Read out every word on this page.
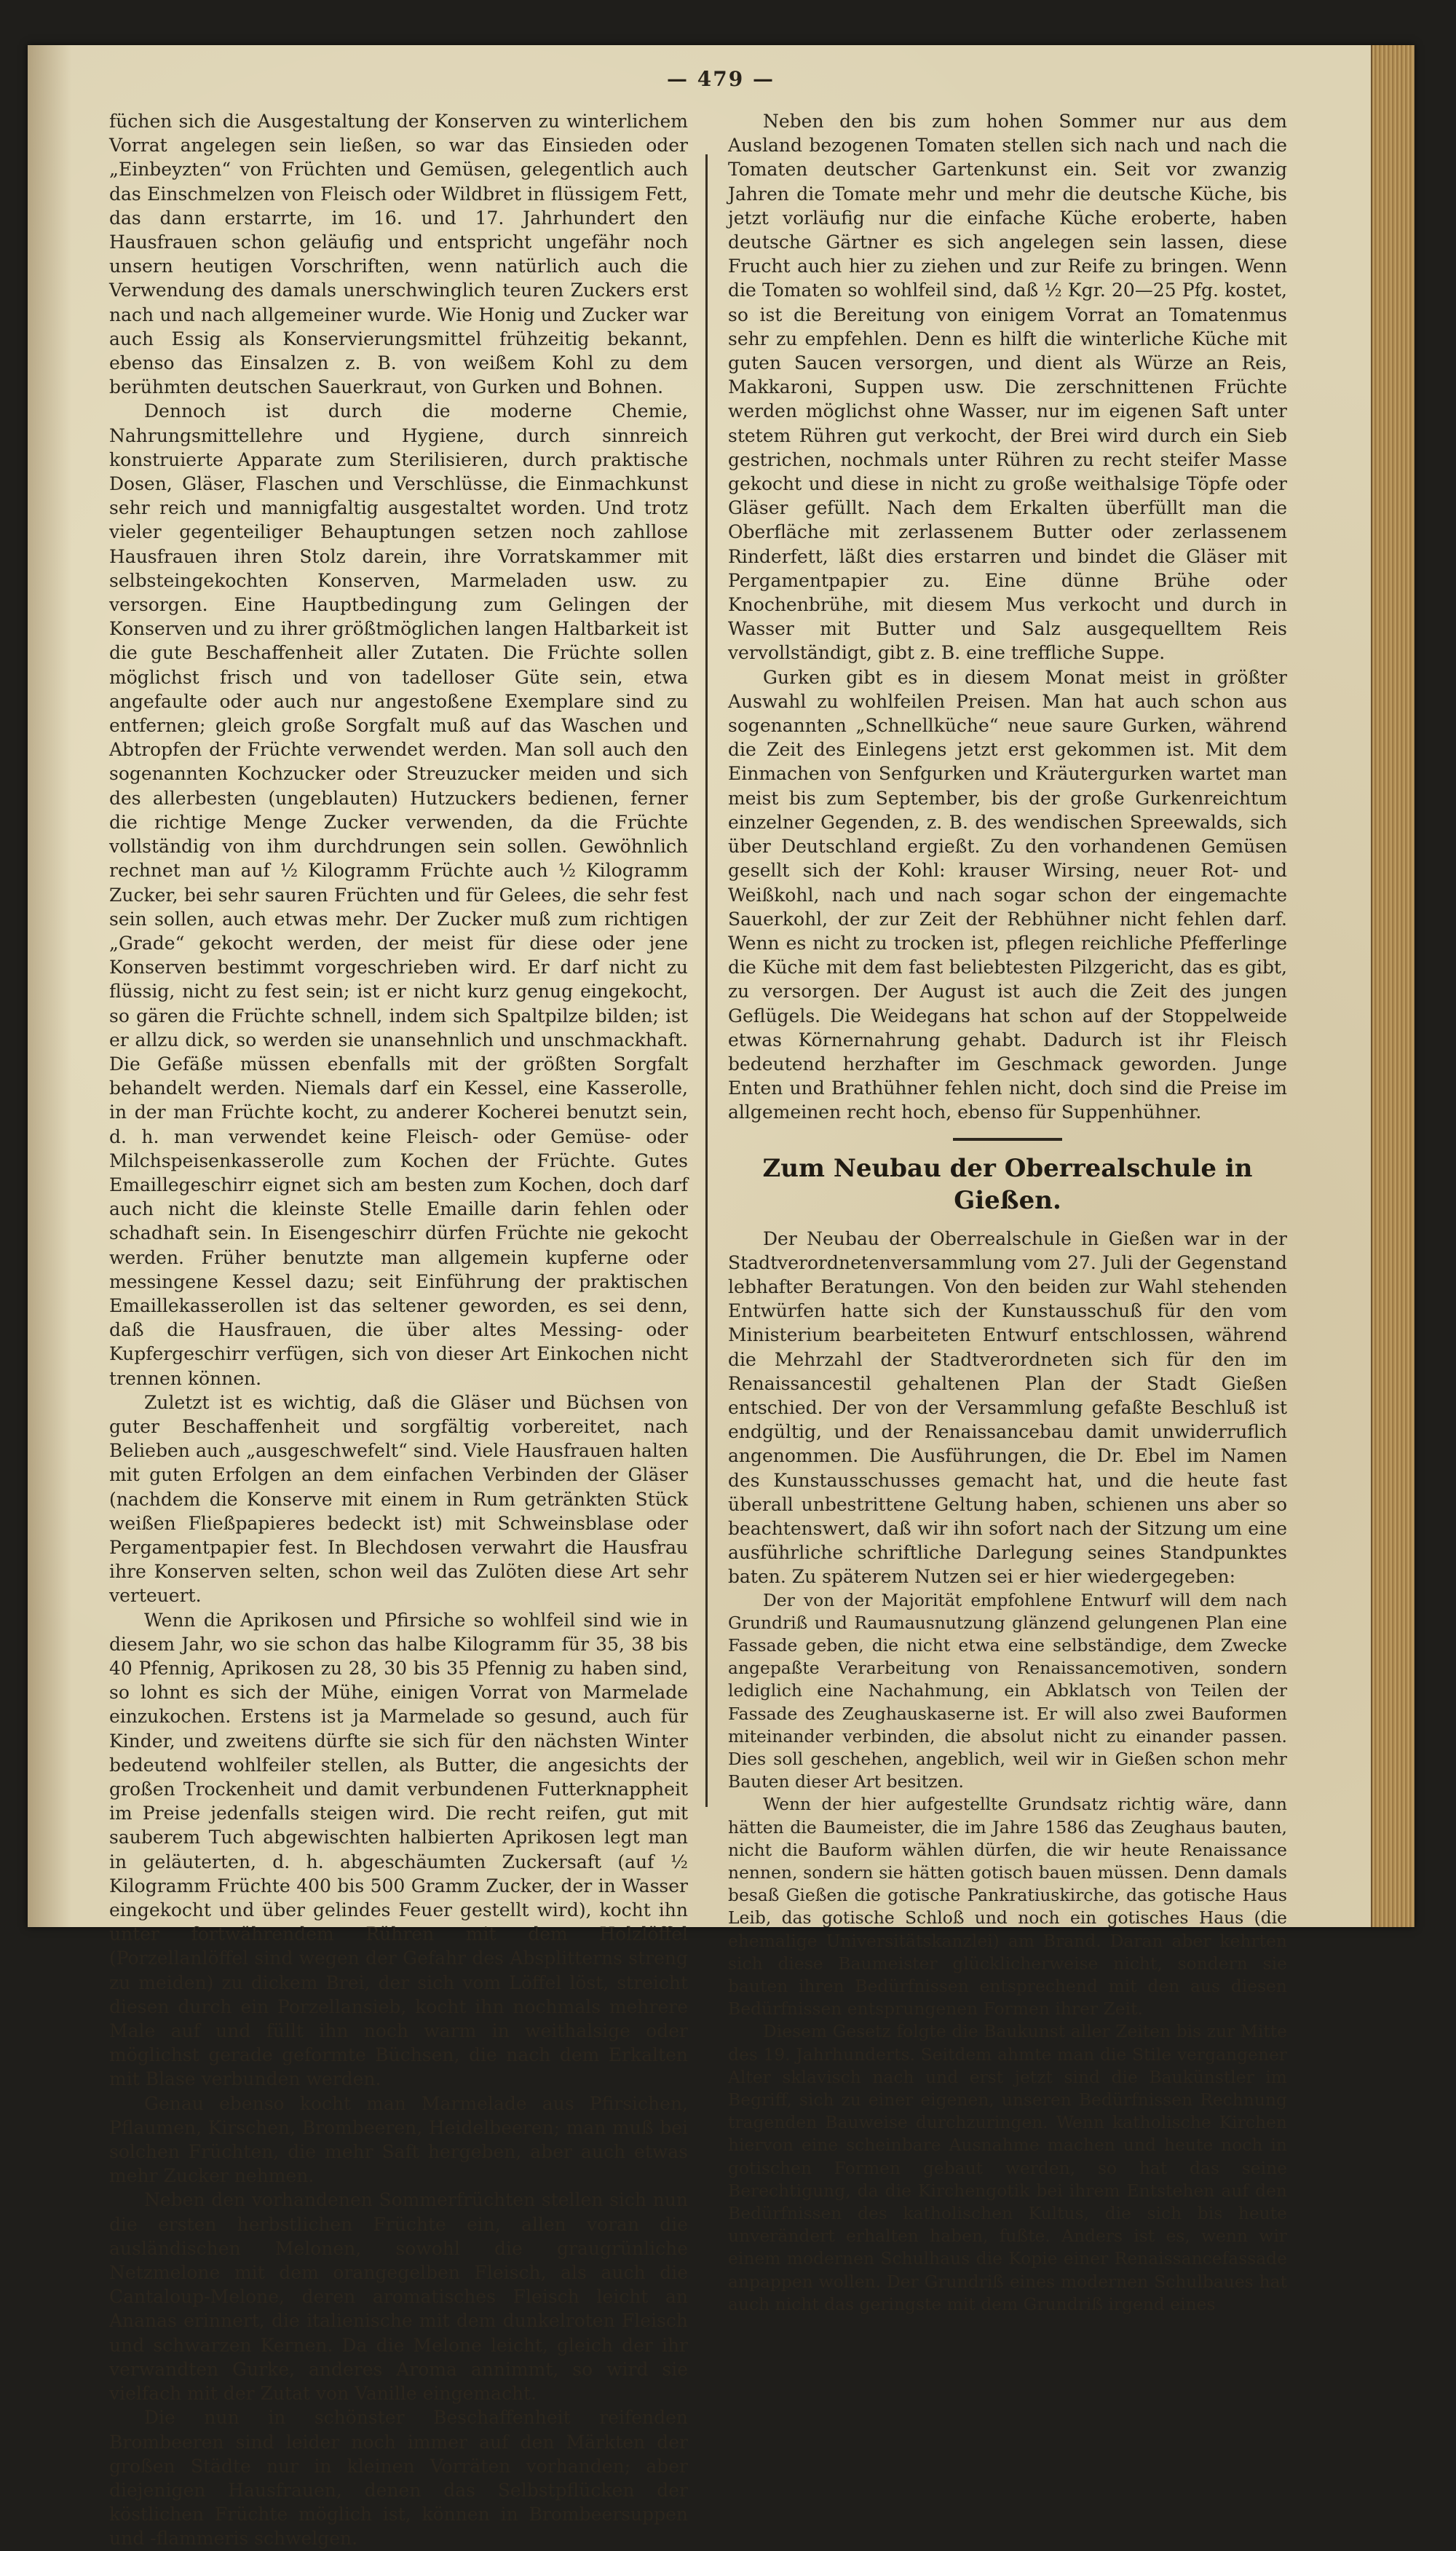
— 479 —

füchen sich die Ausgestaltung der Konserven zu winterlichem Vorrat angelegen sein ließen, so war das Einsieden oder „Einbeyzten“ von Früchten und Gemüsen, gelegentlich auch das Einschmelzen von Fleisch oder Wildbret in flüssigem Fett, das dann erstarrte, im 16. und 17. Jahrhundert den Hausfrauen schon geläufig und entspricht ungefähr noch unsern heutigen Vorschriften, wenn natürlich auch die Verwendung des damals unerschwinglich teuren Zuckers erst nach und nach allgemeiner wurde. Wie Honig und Zucker war auch Essig als Konservierungsmittel frühzeitig bekannt, ebenso das Einsalzen z. B. von weißem Kohl zu dem berühmten deutschen Sauerkraut, von Gurken und Bohnen.

Dennoch ist durch die moderne Chemie, Nahrungsmittellehre und Hygiene, durch sinnreich konstruierte Apparate zum Sterilisieren, durch praktische Dosen, Gläser, Flaschen und Verschlüsse, die Einmachkunst sehr reich und mannigfaltig ausgestaltet worden. Und trotz vieler gegenteiliger Behauptungen setzen noch zahllose Hausfrauen ihren Stolz darein, ihre Vorratskammer mit selbsteingekochten Konserven, Marmeladen usw. zu versorgen. Eine Hauptbedingung zum Gelingen der Konserven und zu ihrer größtmöglichen langen Haltbarkeit ist die gute Beschaffenheit aller Zutaten. Die Früchte sollen möglichst frisch und von tadelloser Güte sein, etwa angefaulte oder auch nur angestoßene Exemplare sind zu entfernen; gleich große Sorgfalt muß auf das Waschen und Abtropfen der Früchte verwendet werden. Man soll auch den sogenannten Kochzucker oder Streuzucker meiden und sich des allerbesten (ungeblauten) Hutzuckers bedienen, ferner die richtige Menge Zucker verwenden, da die Früchte vollständig von ihm durchdrungen sein sollen. Gewöhnlich rechnet man auf ½ Kilogramm Früchte auch ½ Kilogramm Zucker, bei sehr sauren Früchten und für Gelees, die sehr fest sein sollen, auch etwas mehr. Der Zucker muß zum richtigen „Grade“ gekocht werden, der meist für diese oder jene Konserven bestimmt vorgeschrieben wird. Er darf nicht zu flüssig, nicht zu fest sein; ist er nicht kurz genug eingekocht, so gären die Früchte schnell, indem sich Spaltpilze bilden; ist er allzu dick, so werden sie unansehnlich und unschmackhaft. Die Gefäße müssen ebenfalls mit der größten Sorgfalt behandelt werden. Niemals darf ein Kessel, eine Kasserolle, in der man Früchte kocht, zu anderer Kocherei benutzt sein, d. h. man verwendet keine Fleisch- oder Gemüse- oder Milchspeisenkasserolle zum Kochen der Früchte. Gutes Emaillegeschirr eignet sich am besten zum Kochen, doch darf auch nicht die kleinste Stelle Emaille darin fehlen oder schadhaft sein. In Eisengeschirr dürfen Früchte nie gekocht werden. Früher benutzte man allgemein kupferne oder messingene Kessel dazu; seit Einführung der praktischen Emaillekasserollen ist das seltener geworden, es sei denn, daß die Hausfrauen, die über altes Messing- oder Kupfergeschirr verfügen, sich von dieser Art Einkochen nicht trennen können.

Zuletzt ist es wichtig, daß die Gläser und Büchsen von guter Beschaffenheit und sorgfältig vorbereitet, nach Belieben auch „ausgeschwefelt“ sind. Viele Hausfrauen halten mit guten Erfolgen an dem einfachen Verbinden der Gläser (nachdem die Konserve mit einem in Rum getränkten Stück weißen Fließpapieres bedeckt ist) mit Schweinsblase oder Pergamentpapier fest. In Blechdosen verwahrt die Hausfrau ihre Konserven selten, schon weil das Zulöten diese Art sehr verteuert.

Wenn die Aprikosen und Pfirsiche so wohlfeil sind wie in diesem Jahr, wo sie schon das halbe Kilogramm für 35, 38 bis 40 Pfennig, Aprikosen zu 28, 30 bis 35 Pfennig zu haben sind, so lohnt es sich der Mühe, einigen Vorrat von Marmelade einzukochen. Erstens ist ja Marmelade so gesund, auch für Kinder, und zweitens dürfte sie sich für den nächsten Winter bedeutend wohlfeiler stellen, als Butter, die angesichts der großen Trockenheit und damit verbundenen Futterknappheit im Preise jedenfalls steigen wird. Die recht reifen, gut mit sauberem Tuch abgewischten halbierten Aprikosen legt man in geläuterten, d. h. abgeschäumten Zuckersaft (auf ½ Kilogramm Früchte 400 bis 500 Gramm Zucker, der in Wasser eingekocht und über gelindes Feuer gestellt wird), kocht ihn unter fortwährendem Rühren mit dem Holzlöffel (Porzellanlöffel sind wegen der Gefahr des Absplitterns streng zu meiden) zu dickem Brei, der sich vom Löffel löst, streicht diesen durch ein Porzellansieb, kocht ihn nochmals mehrere Male auf und füllt ihn noch warm in weithalsige oder möglichst gerade geformte Büchsen, die nach dem Erkalten mit Blase verbunden werden.

Genau ebenso kocht man Marmelade aus Pfirsichen, Pflaumen, Kirschen, Brombeeren, Heidelbeeren; man muß bei solchen Früchten, die mehr Saft hergeben, aber auch etwas mehr Zucker nehmen.

Neben den vorhandenen Sommerfrüchten stellen sich nun die ersten herbstlichen Früchte ein, allen voran die ausländischen Melonen, sowohl die graugrünliche Netzmelone mit dem orangegelben Fleisch, als auch die Cantaloup-Melone, deren aromatisches Fleisch leicht an Ananas erinnert, die italienische mit dem dunkelroten Fleisch und schwarzen Kernen. Da die Melone leicht, gleich der ihr verwandten Gurke, anderes Aroma annimmt, so wird sie vielfach mit der Zutat von Vanille eingemacht.

Die nun in schönster Beschaffenheit reifenden Brombeeren sind leider noch immer auf den Märkten der großen Städte nur in kleinen Vorräten vorhanden; aber diejenigen Hausfrauen, denen das Selbstpflücken der köstlichen Früchte möglich ist, können in Brombeersuppen und -flammeris schwelgen.

Neben den bis zum hohen Sommer nur aus dem Ausland bezogenen Tomaten stellen sich nach und nach die Tomaten deutscher Gartenkunst ein. Seit vor zwanzig Jahren die Tomate mehr und mehr die deutsche Küche, bis jetzt vorläufig nur die einfache Küche eroberte, haben deutsche Gärtner es sich angelegen sein lassen, diese Frucht auch hier zu ziehen und zur Reife zu bringen. Wenn die Tomaten so wohlfeil sind, daß ½ Kgr. 20—25 Pfg. kostet, so ist die Bereitung von einigem Vorrat an Tomatenmus sehr zu empfehlen. Denn es hilft die winterliche Küche mit guten Saucen versorgen, und dient als Würze an Reis, Makkaroni, Suppen usw. Die zerschnittenen Früchte werden möglichst ohne Wasser, nur im eigenen Saft unter stetem Rühren gut verkocht, der Brei wird durch ein Sieb gestrichen, nochmals unter Rühren zu recht steifer Masse gekocht und diese in nicht zu große weithalsige Töpfe oder Gläser gefüllt. Nach dem Erkalten überfüllt man die Oberfläche mit zerlassenem Butter oder zerlassenem Rinderfett, läßt dies erstarren und bindet die Gläser mit Pergamentpapier zu. Eine dünne Brühe oder Knochenbrühe, mit diesem Mus verkocht und durch in Wasser mit Butter und Salz ausgequelltem Reis vervollständigt, gibt z. B. eine treffliche Suppe.

Gurken gibt es in diesem Monat meist in größter Auswahl zu wohlfeilen Preisen. Man hat auch schon aus sogenannten „Schnellküche“ neue saure Gurken, während die Zeit des Einlegens jetzt erst gekommen ist. Mit dem Einmachen von Senfgurken und Kräutergurken wartet man meist bis zum September, bis der große Gurkenreichtum einzelner Gegenden, z. B. des wendischen Spreewalds, sich über Deutschland ergießt. Zu den vorhandenen Gemüsen gesellt sich der Kohl: krauser Wirsing, neuer Rot- und Weißkohl, nach und nach sogar schon der eingemachte Sauerkohl, der zur Zeit der Rebhühner nicht fehlen darf. Wenn es nicht zu trocken ist, pflegen reichliche Pfefferlinge die Küche mit dem fast beliebtesten Pilzgericht, das es gibt, zu versorgen. Der August ist auch die Zeit des jungen Geflügels. Die Weidegans hat schon auf der Stoppelweide etwas Körnernahrung gehabt. Dadurch ist ihr Fleisch bedeutend herzhafter im Geschmack geworden. Junge Enten und Brathühner fehlen nicht, doch sind die Preise im allgemeinen recht hoch, ebenso für Suppenhühner.

Zum Neubau der Oberrealschule in Gießen.

Der Neubau der Oberrealschule in Gießen war in der Stadtverordnetenversammlung vom 27. Juli der Gegenstand lebhafter Beratungen. Von den beiden zur Wahl stehenden Entwürfen hatte sich der Kunstausschuß für den vom Ministerium bearbeiteten Entwurf entschlossen, während die Mehrzahl der Stadtverordneten sich für den im Renaissancestil gehaltenen Plan der Stadt Gießen entschied. Der von der Versammlung gefaßte Beschluß ist endgültig, und der Renaissancebau damit unwiderruflich angenommen. Die Ausführungen, die Dr. Ebel im Namen des Kunstausschusses gemacht hat, und die heute fast überall unbestrittene Geltung haben, schienen uns aber so beachtenswert, daß wir ihn sofort nach der Sitzung um eine ausführliche schriftliche Darlegung seines Standpunktes baten. Zu späterem Nutzen sei er hier wiedergegeben:

Der von der Majorität empfohlene Entwurf will dem nach Grundriß und Raumausnutzung glänzend gelungenen Plan eine Fassade geben, die nicht etwa eine selbständige, dem Zwecke angepaßte Verarbeitung von Renaissancemotiven, sondern lediglich eine Nachahmung, ein Abklatsch von Teilen der Fassade des Zeughauskaserne ist. Er will also zwei Bauformen miteinander verbinden, die absolut nicht zu einander passen. Dies soll geschehen, angeblich, weil wir in Gießen schon mehr Bauten dieser Art besitzen.

Wenn der hier aufgestellte Grundsatz richtig wäre, dann hätten die Baumeister, die im Jahre 1586 das Zeughaus bauten, nicht die Bauform wählen dürfen, die wir heute Renaissance nennen, sondern sie hätten gotisch bauen müssen. Denn damals besaß Gießen die gotische Pankratiuskirche, das gotische Haus Leib, das gotische Schloß und noch ein gotisches Haus (die ehemalige Universitätskanzlei) am Brand. Daran aber kehrten sich diese Baumeister glücklicherweise nicht, sondern sie bauten ihren Bedürfnissen entsprechend mit den aus diesen Bedürfnissen entsprungenen Formen ihrer Zeit.

Diesem Gesetz folgte die Baukunst aller Zeiten bis zur Mitte des 19. Jahrhunderts. Seitdem ahmte man die Stile vergangener Alter sklavisch nach und erst jetzt sind die Baukünstler im Begriff, sich zu einer eigenen, unseren Bedürfnissen Rechnung tragenden Bauweise durchzuringen. Wenn katholische Kirchen hiervon eine scheinbare Ausnahme machen und heute noch in gotischen Formen gebaut werden, so hat das seine Berechtigung, da die Kirchengotik bei ihrem Entstehen auf den Bedürfnissen des katholischen Kultus, die sich bis heute unverändert erhalten haben, fußte. Anders ist es, wenn wir einem modernen Schulhaus die Kopie einer Renaissancefassade anpappen wollen. Der Grundriß eines modernen Schulbaues hat auch nicht das geringste mit dem Grundriß irgend eines
